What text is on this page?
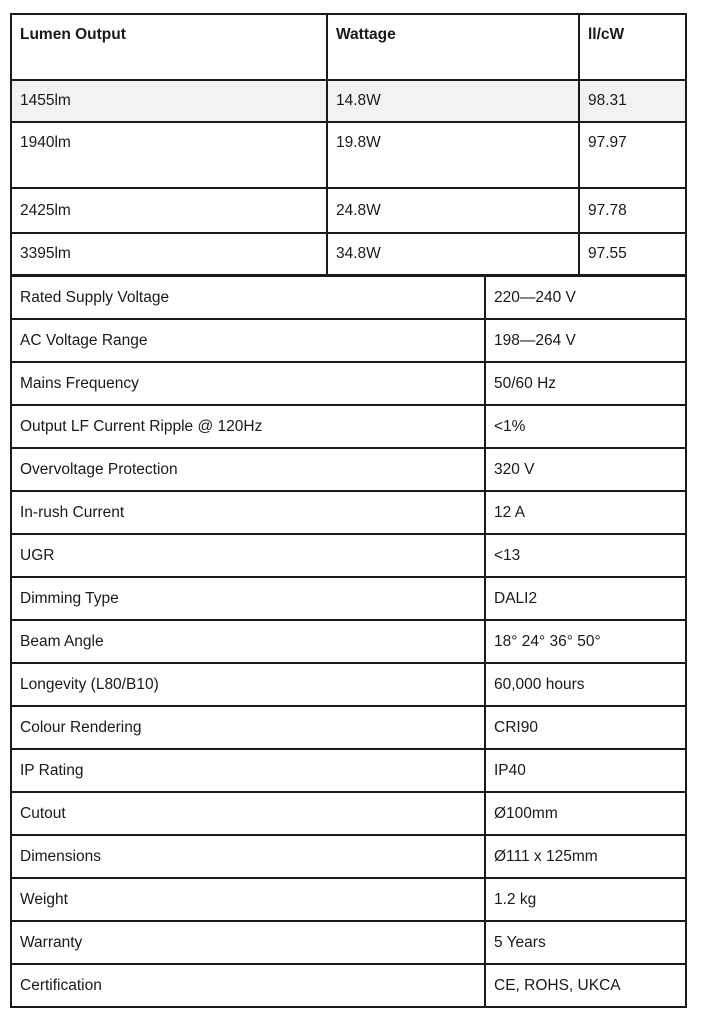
Lumen Output	Wattage	ll/cW
1455lm	14.8W	98.31
1940lm	19.8W	97.97
2425lm	24.8W	97.78
3395lm	34.8W	97.55
Rated Supply Voltage	220—240 V
AC Voltage Range	198—264 V
Mains Frequency	50/60 Hz
Output LF Current Ripple @ 120Hz	<1%
Overvoltage Protection	320 V
In-rush Current	12 A
UGR	<13
Dimming Type	DALI2
Beam Angle	18° 24° 36° 50°
Longevity (L80/B10)	60,000 hours
Colour Rendering	CRI90
IP Rating	IP40
Cutout	Ø100mm
Dimensions	Ø111 x 125mm
Weight	1.2 kg
Warranty	5 Years
Certification	CE, ROHS, UKCA
